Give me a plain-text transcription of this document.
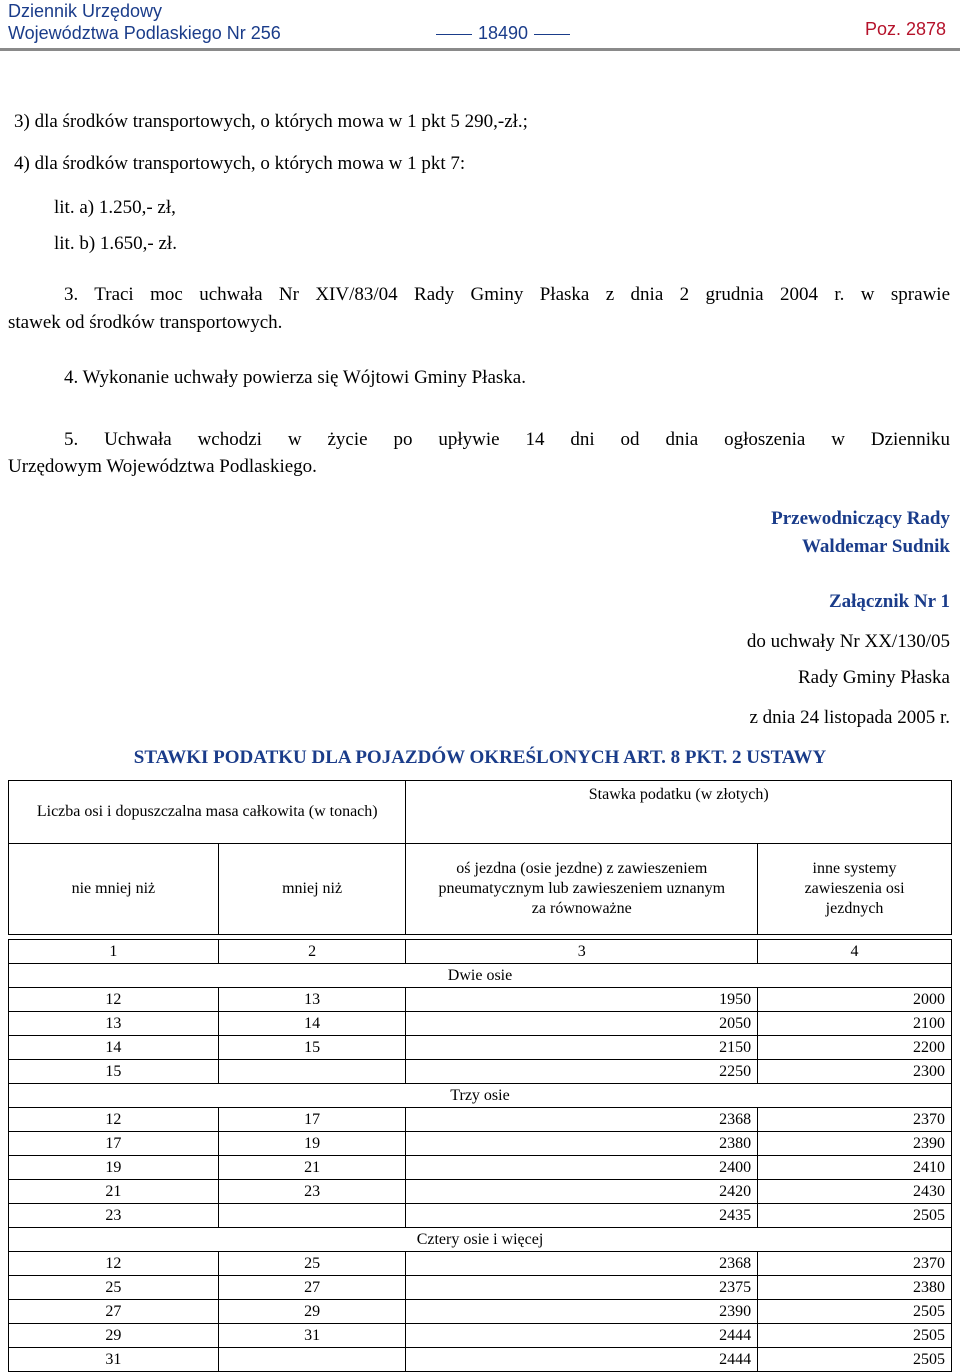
Dziennik Urzędowy
Województwa Podlaskiego Nr 256	18490	Poz. 2878
3) dla środków transportowych, o których mowa w 1 pkt 5 290,-zł.;
4) dla środków transportowych, o których mowa w 1 pkt 7:
lit. a) 1.250,- zł,
lit. b) 1.650,- zł.
3. Traci moc uchwała Nr XIV/83/04 Rady Gminy Płaska z dnia 2 grudnia 2004 r. w sprawie
stawek od środków transportowych.
4. Wykonanie uchwały powierza się Wójtowi Gminy Płaska.
5. Uchwała wchodzi w życie po upływie 14 dni od dnia ogłoszenia w Dzienniku
Urzędowym Województwa Podlaskiego.
Przewodniczący Rady
Waldemar Sudnik
Załącznik Nr 1
do uchwały Nr XX/130/05
Rady Gminy Płaska
z dnia 24 listopada 2005 r.
STAWKI PODATKU DLA POJAZDÓW OKREŚLONYCH ART. 8 PKT. 2 USTAWY
Liczba osi i dopuszczalna masa całkowita (w tonach)		Stawka podatku (w złotych)	
nie mniej niż	mniej niż	oś jezdna (osie jezdne) z zawieszeniem pneumatycznym lub zawieszeniem uznanym za równoważne	inne systemy zawieszenia osi jezdnych

1	2	3	4
Dwie osie			
12	13	1950	2000
13	14	2050	2100
14	15	2150	2200
15		2250	2300
Trzy osie			
12	17	2368	2370
17	19	2380	2390
19	21	2400	2410
21	23	2420	2430
23		2435	2505
Cztery osie i więcej			
12	25	2368	2370
25	27	2375	2380
27	29	2390	2505
29	31	2444	2505
31		2444	2505
